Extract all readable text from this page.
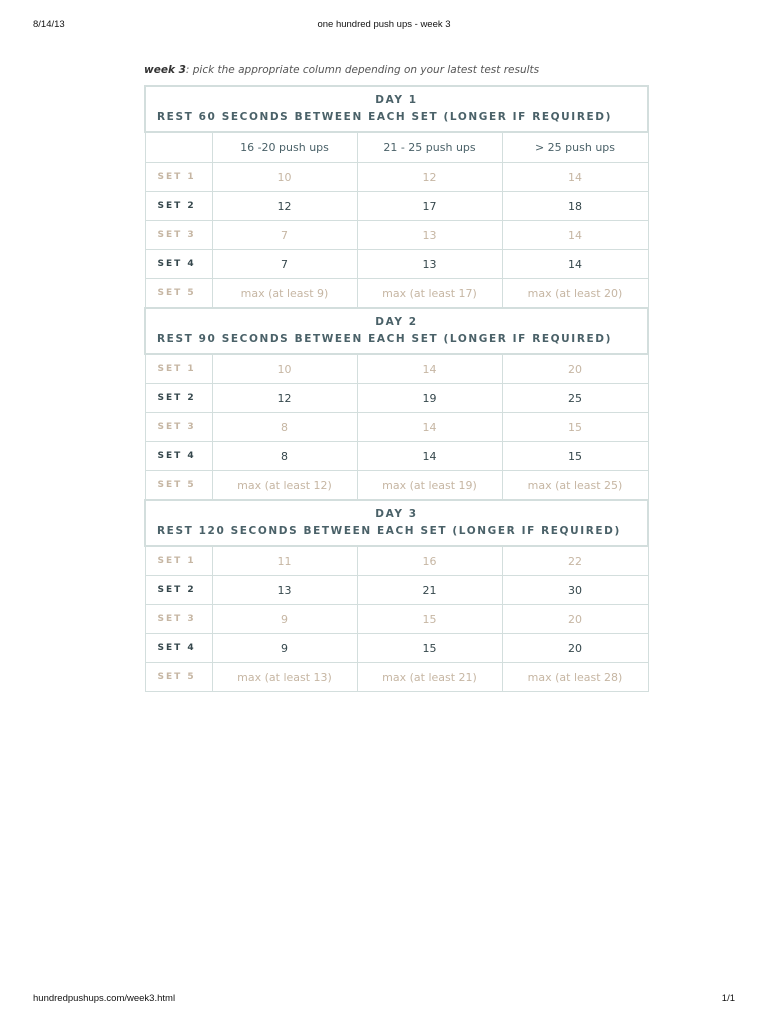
8/14/13	one hundred push ups - week 3
week 3: pick the appropriate column depending on your latest test results
DAY 1
REST 60 SECONDS BETWEEN EACH SET (LONGER IF REQUIRED)			
	16 -20 push ups	21 - 25 push ups	> 25 push ups
SET 1	10	12	14
SET 2	12	17	18
SET 3	7	13	14
SET 4	7	13	14
SET 5	max (at least 9)	max (at least 17)	max (at least 20)

DAY 2
REST 90 SECONDS BETWEEN EACH SET (LONGER IF REQUIRED)			
SET 1	10	14	20
SET 2	12	19	25
SET 3	8	14	15
SET 4	8	14	15
SET 5	max (at least 12)	max (at least 19)	max (at least 25)

DAY 3
REST 120 SECONDS BETWEEN EACH SET (LONGER IF REQUIRED)			
SET 1	11	16	22
SET 2	13	21	30
SET 3	9	15	20
SET 4	9	15	20
SET 5	max (at least 13)	max (at least 21)	max (at least 28)
hundredpushups.com/week3.html	1/1
